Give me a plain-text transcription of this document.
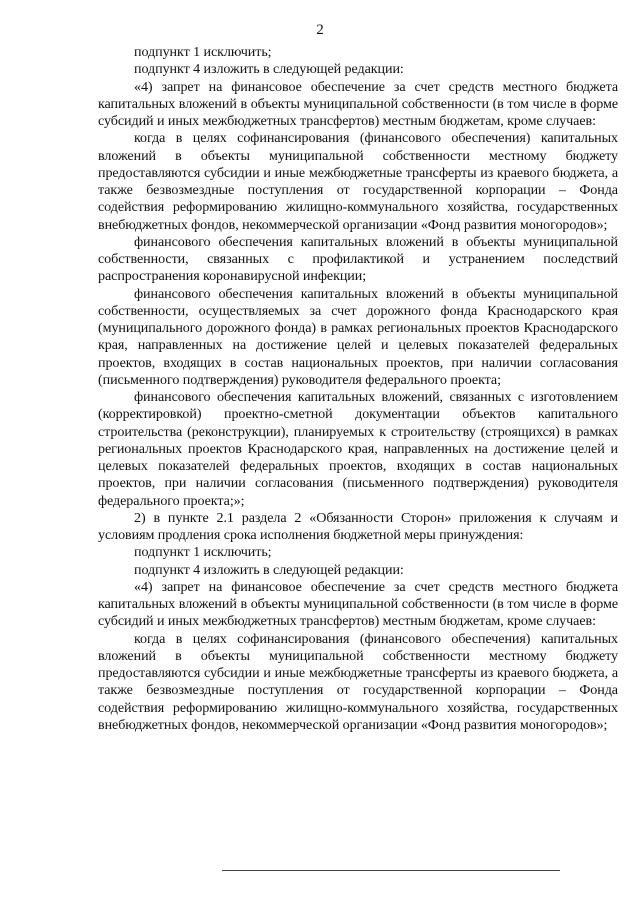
2

подпункт 1 исключить;

подпункт 4 изложить в следующей редакции:

«4) запрет на финансовое обеспечение за счет средств местного бюджета капитальных вложений в объекты муниципальной собственности (в том числе в форме субсидий и иных межбюджетных трансфертов) местным бюджетам, кроме случаев:

когда в целях софинансирования (финансового обеспечения) капитальных вложений в объекты муниципальной собственности местному бюджету предоставляются субсидии и иные межбюджетные трансферты из краевого бюджета, а также безвозмездные поступления от государственной корпорации – Фонда содействия реформированию жилищно-коммунального хозяйства, государственных внебюджетных фондов, некоммерческой организации «Фонд развития моногородов»;

финансового обеспечения капитальных вложений в объекты муниципальной собственности, связанных с профилактикой и устранением последствий распространения коронавирусной инфекции;

финансового обеспечения капитальных вложений в объекты муниципальной собственности, осуществляемых за счет дорожного фонда Краснодарского края (муниципального дорожного фонда) в рамках региональных проектов Краснодарского края, направленных на достижение целей и целевых показателей федеральных проектов, входящих в состав национальных проектов, при наличии согласования (письменного подтверждения) руководителя федерального проекта;

финансового обеспечения капитальных вложений, связанных с изготовлением (корректировкой) проектно-сметной документации объектов капитального строительства (реконструкции), планируемых к строительству (строящихся) в рамках региональных проектов Краснодарского края, направленных на достижение целей и целевых показателей федеральных проектов, входящих в состав национальных проектов, при наличии согласования (письменного подтверждения) руководителя федерального проекта;»;

2) в пункте 2.1 раздела 2 «Обязанности Сторон» приложения к случаям и условиям продления срока исполнения бюджетной меры принуждения:

подпункт 1 исключить;

подпункт 4 изложить в следующей редакции:

«4) запрет на финансовое обеспечение за счет средств местного бюджета капитальных вложений в объекты муниципальной собственности (в том числе в форме субсидий и иных межбюджетных трансфертов) местным бюджетам, кроме случаев:

когда в целях софинансирования (финансового обеспечения) капитальных вложений в объекты муниципальной собственности местному бюджету предоставляются субсидии и иные межбюджетные трансферты из краевого бюджета, а также безвозмездные поступления от государственной корпорации – Фонда содействия реформированию жилищно-коммунального хозяйства, государственных внебюджетных фондов, некоммерческой организации «Фонд развития моногородов»;
